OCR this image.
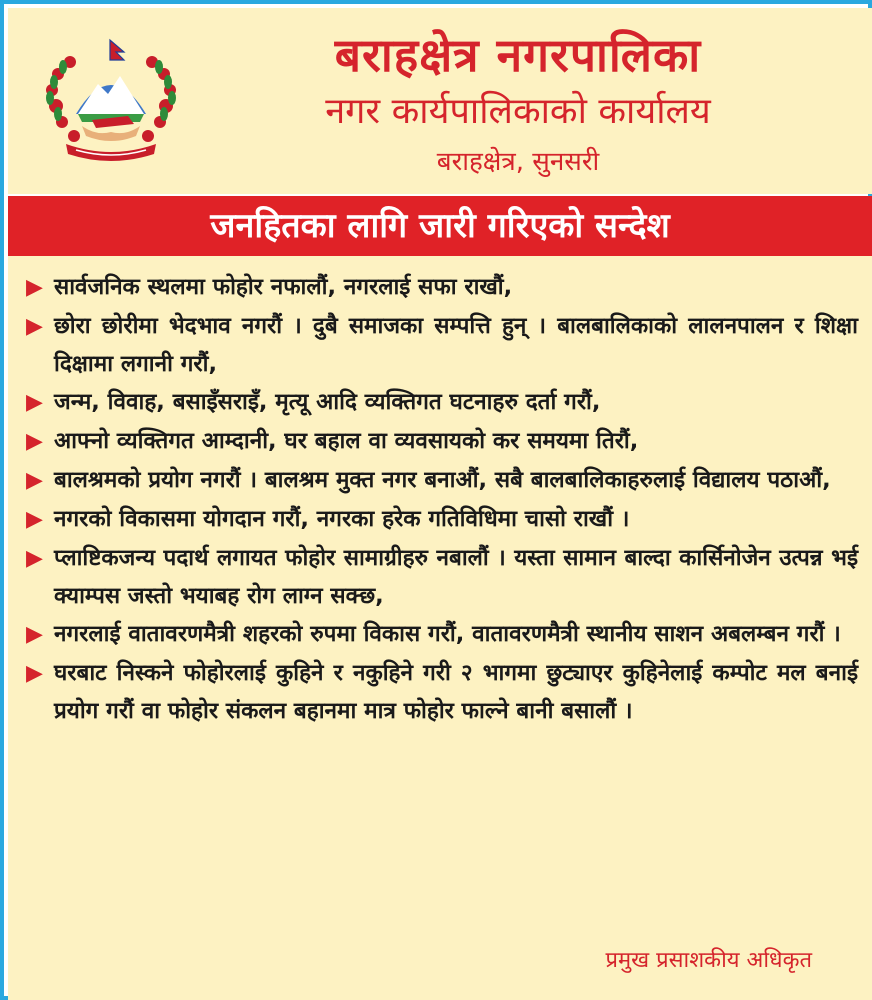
बराहक्षेत्र नगरपालिका
नगर कार्यपालिकाको कार्यालय
बराहक्षेत्र, सुनसरी
जनहितका लागि जारी गरिएको सन्देश
▶ सार्वजनिक स्थलमा फोहोर नफालौं, नगरलाई सफा राखौं,
▶ छोरा छोरीमा भेदभाव नगरौं । दुबै समाजका सम्पत्ति हुन् । बालबालिकाको लालनपालन र शिक्षा दिक्षामा लगानी गरौं,
▶ जन्म, विवाह, बसाइँसराइँ, मृत्यू आदि व्यक्तिगत घटनाहरु दर्ता गरौं,
▶ आफ्नो व्यक्तिगत आम्दानी, घर बहाल वा व्यवसायको कर समयमा तिरौं,
▶ बालश्रमको प्रयोग नगरौं । बालश्रम मुक्त नगर बनाऔं, सबै बालबालिकाहरुलाई विद्यालय पठाऔं,
▶ नगरको विकासमा योगदान गरौं, नगरका हरेक गतिविधिमा चासो राखौं ।
▶ प्लाष्टिकजन्य पदार्थ लगायत फोहोर सामाग्रीहरु नबालौं । यस्ता सामान बाल्दा कार्सिनोजेन उत्पन्न भई क्याम्पस जस्तो भयाबह रोग लाग्न सक्छ,
▶ नगरलाई वातावरणमैत्री शहरको रुपमा विकास गरौं, वातावरणमैत्री स्थानीय साशन अबलम्बन गरौं ।
▶ घरबाट निस्कने फोहोरलाई कुहिने र नकुहिने गरी २ भागमा छुट्याएर कुहिनेलाई कम्पोट मल बनाई प्रयोग गरौं वा फोहोर संकलन बहानमा मात्र फोहोर फाल्ने बानी बसालौं ।
प्रमुख प्रसाशकीय अधिकृत
